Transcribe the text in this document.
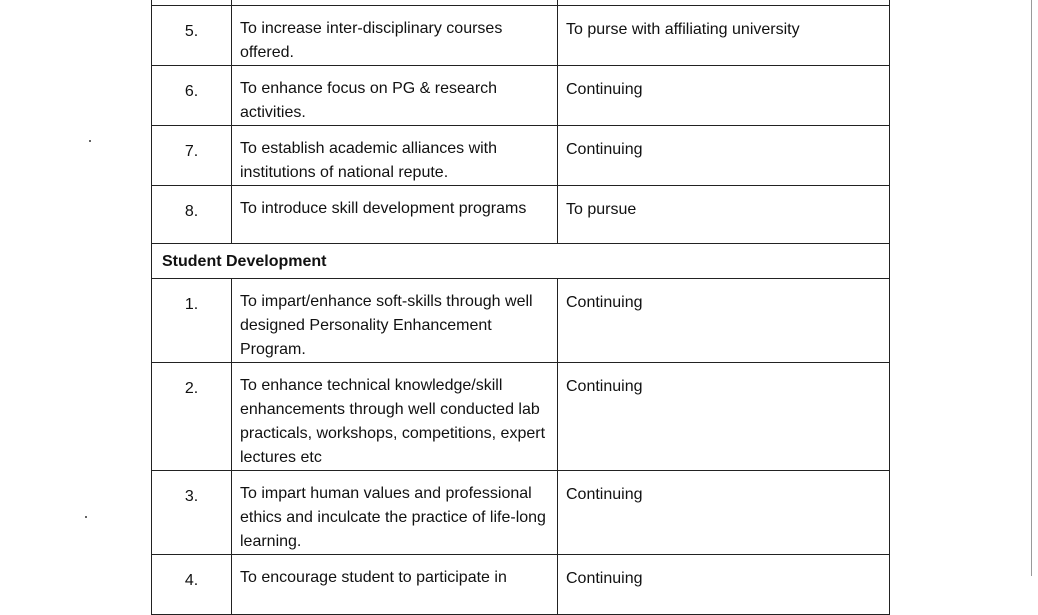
5.	To increase inter-disciplinary courses offered.	To purse with affiliating university
6.	To enhance focus on PG & research activities.	Continuing
7.	To establish academic alliances with institutions of national repute.	Continuing
8.	To introduce skill development programs	To pursue
Student Development		
1.	To impart/enhance soft-skills through well designed Personality Enhancement Program.	Continuing
2.	To enhance technical knowledge/skill enhancements through well conducted lab practicals, workshops, competitions, expert lectures etc	Continuing
3.	To impart human values and professional ethics and inculcate the practice of life-long learning.	Continuing
4.	To encourage student to participate in	Continuing
